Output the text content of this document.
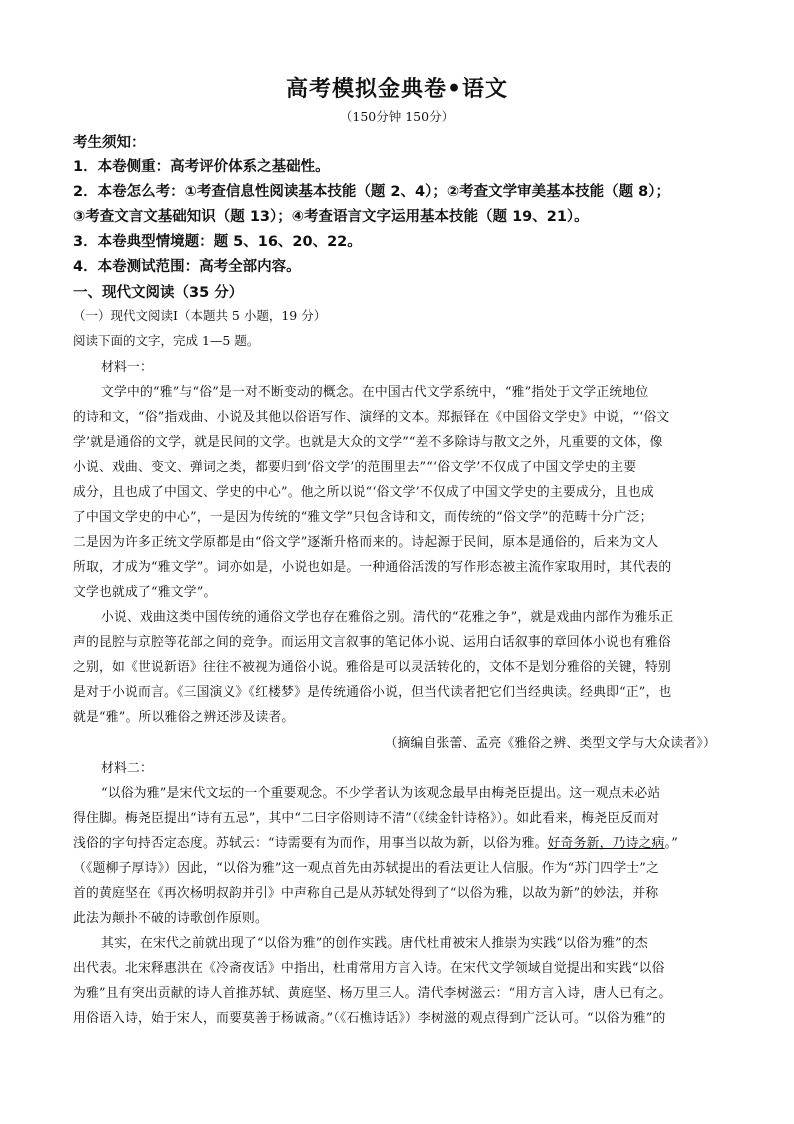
高考模拟金典卷•语文
（150分钟 150分）
考生须知：
1．本卷侧重：高考评价体系之基础性。
2．本卷怎么考：①考查信息性阅读基本技能（题 2、4）；②考查文学审美基本技能（题 8）；
③考查文言文基础知识（题 13）；④考查语言文字运用基本技能（题 19、21）。
3．本卷典型情境题：题 5、16、20、22。
4．本卷测试范围：高考全部内容。
一、现代文阅读（35 分）
（一）现代文阅读Ⅰ（本题共 5 小题，19 分）
阅读下面的文字，完成 1—5 题。
材料一：
文学中的“雅”与“俗”是一对不断变动的概念。在中国古代文学系统中，“雅”指处于文学正统地位
的诗和文，“俗”指戏曲、小说及其他以俗语写作、演绎的文本。郑振铎在《中国俗文学史》中说，“‘俗文
学’就是通俗的文学，就是民间的文学。也就是大众的文学”“差不多除诗与散文之外，凡重要的文体，像
小说、戏曲、变文、弹词之类，都要归到‘俗文学’的范围里去”“‘俗文学’不仅成了中国文学史的主要
成分，且也成了中国文、学史的中心”。他之所以说“‘俗文学’不仅成了中国文学史的主要成分，且也成
了中国文学史的中心”，一是因为传统的“雅文学”只包含诗和文，而传统的“俗文学”的范畴十分广泛；
二是因为许多正统文学原都是由“俗文学”逐渐升格而来的。诗起源于民间，原本是通俗的，后来为文人
所取，才成为“雅文学”。词亦如是，小说也如是。一种通俗活泼的写作形态被主流作家取用时，其代表的
文学也就成了“雅文学”。
小说、戏曲这类中国传统的通俗文学也存在雅俗之别。清代的“花雅之争”，就是戏曲内部作为雅乐正
声的昆腔与京腔等花部之间的竞争。而运用文言叙事的笔记体小说、运用白话叙事的章回体小说也有雅俗
之别，如《世说新语》往往不被视为通俗小说。雅俗是可以灵活转化的，文体不是划分雅俗的关键，特别
是对于小说而言。《三国演义》《红楼梦》是传统通俗小说，但当代读者把它们当经典读。经典即“正”，也
就是“雅”。所以雅俗之辨还涉及读者。
（摘编自张蕾、孟亮《雅俗之辨、类型文学与大众读者》）
材料二：
“以俗为雅”是宋代文坛的一个重要观念。不少学者认为该观念最早由梅尧臣提出。这一观点未必站
得住脚。梅尧臣提出“诗有五忌”，其中“二曰字俗则诗不清”（《续金针诗格》）。如此看来，梅尧臣反而对
浅俗的字句持否定态度。苏轼云：“诗需要有为而作，用事当以故为新，以俗为雅。好奇务新，乃诗之病。”
（《题柳子厚诗》）因此，“以俗为雅”这一观点首先由苏轼提出的看法更让人信服。作为“苏门四学士”之
首的黄庭坚在《再次杨明叔韵并引》中声称自己是从苏轼处得到了“以俗为雅，以故为新”的妙法，并称
此法为颠扑不破的诗歌创作原则。
其实，在宋代之前就出现了“以俗为雅”的创作实践。唐代杜甫被宋人推崇为实践“以俗为雅”的杰
出代表。北宋释惠洪在《冷斋夜话》中指出，杜甫常用方言入诗。在宋代文学领域自觉提出和实践“以俗
为雅”且有突出贡献的诗人首推苏轼、黄庭坚、杨万里三人。清代李树滋云：“用方言入诗，唐人已有之。
用俗语入诗，始于宋人，而要莫善于杨诚斋。”（《石樵诗话》）李树滋的观点得到广泛认可。“以俗为雅”的
